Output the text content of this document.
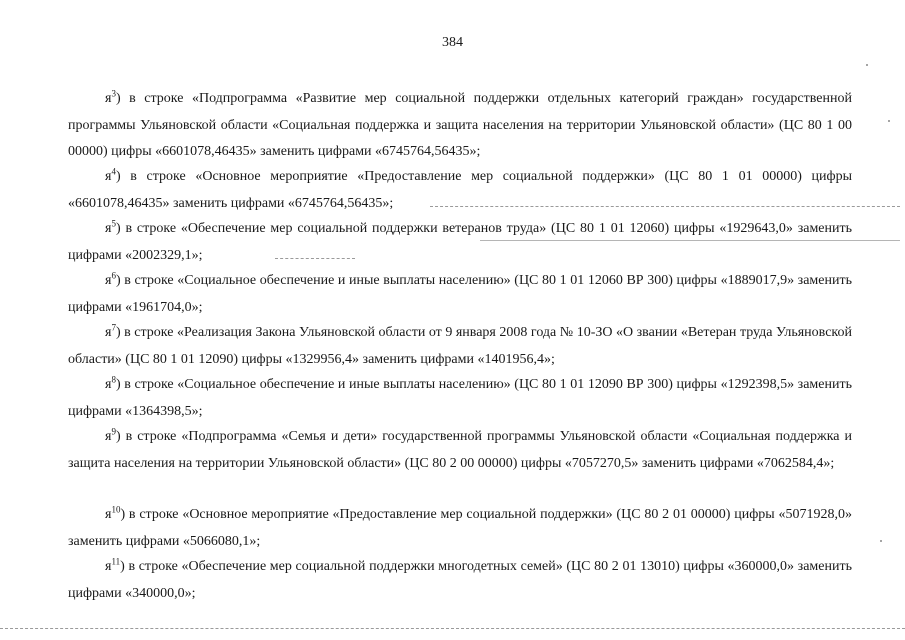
384

$я^3$) в строке «Подпрограмма «Развитие мер социальной поддержки отдельных категорий граждан» государственной программы Ульяновской области «Социальная поддержка и защита населения на территории Ульяновской области» (ЦС 80 1 00 00000) цифры «6601078,46435» заменить цифрами «6745764,56435»;

$я^4$) в строке «Основное мероприятие «Предоставление мер социальной поддержки» (ЦС 80 1 01 00000) цифры «6601078,46435» заменить цифрами «6745764,56435»;

$я^5$) в строке «Обеспечение мер социальной поддержки ветеранов труда» (ЦС 80 1 01 12060) цифры «1929643,0» заменить цифрами «2002329,1»;

$я^6$) в строке «Социальное обеспечение и иные выплаты населению» (ЦС 80 1 01 12060 ВР 300) цифры «1889017,9» заменить цифрами «1961704,0»;

$я^7$) в строке «Реализация Закона Ульяновской области от 9 января 2008 года № 10-ЗО «О звании «Ветеран труда Ульяновской области» (ЦС 80 1 01 12090) цифры «1329956,4» заменить цифрами «1401956,4»;

$я^8$) в строке «Социальное обеспечение и иные выплаты населению» (ЦС 80 1 01 12090 ВР 300) цифры «1292398,5» заменить цифрами «1364398,5»;

$я^9$) в строке «Подпрограмма «Семья и дети» государственной программы Ульяновской области «Социальная поддержка и защита населения на территории Ульяновской области» (ЦС 80 2 00 00000) цифры «7057270,5» заменить цифрами «7062584,4»;

$я^{10}$) в строке «Основное мероприятие «Предоставление мер социальной поддержки» (ЦС 80 2 01 00000) цифры «5071928,0» заменить цифрами «5066080,1»;

$я^{11}$) в строке «Обеспечение мер социальной поддержки многодетных семей» (ЦС 80 2 01 13010) цифры «360000,0» заменить цифрами «340000,0»;
